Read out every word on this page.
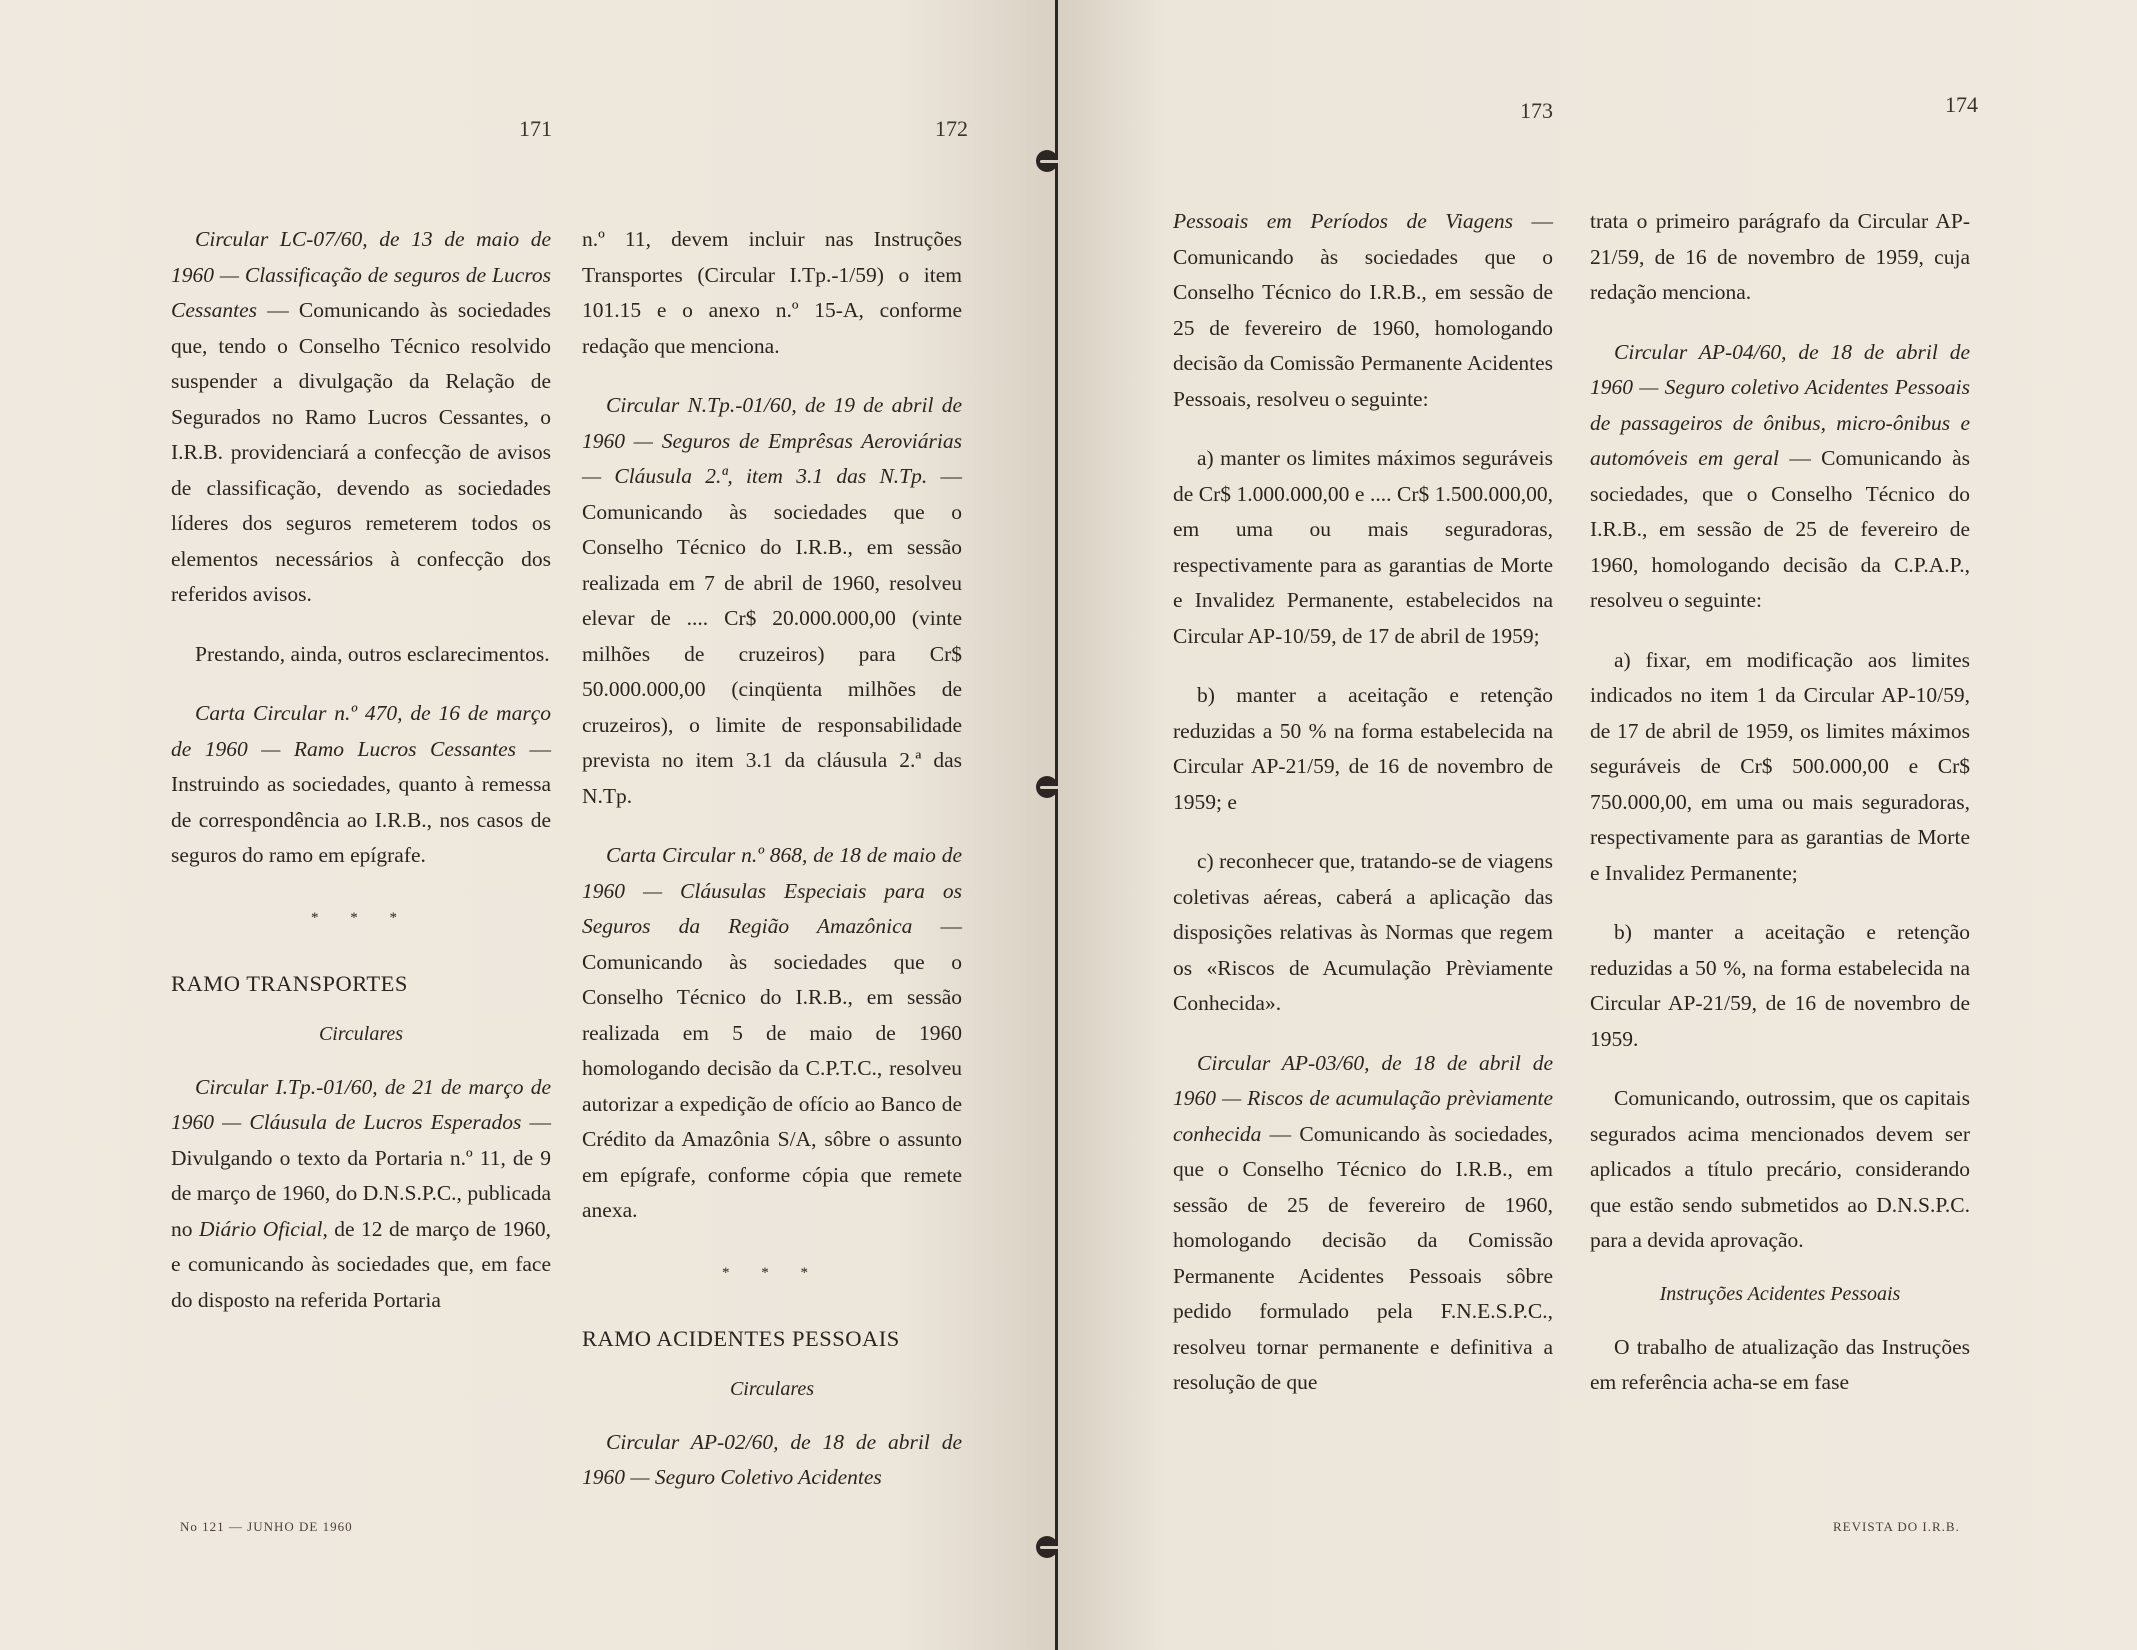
171	172

Circular LC-07/60, de 13 de maio de 1960 — Classificação de seguros de Lucros Cessantes — Comunicando às sociedades que, tendo o Conselho Técnico resolvido suspender a divulgação da Relação de Segurados no Ramo Lucros Cessantes, o I.R.B. providenciará a confecção de avisos de classificação, devendo as sociedades líderes dos seguros remeterem todos os elementos necessários à confecção dos referidos avisos.

Prestando, ainda, outros esclarecimentos.

Carta Circular n.º 470, de 16 de março de 1960 — Ramo Lucros Cessantes — Instruindo as sociedades, quanto à remessa de correspondência ao I.R.B., nos casos de seguros do ramo em epígrafe.

* * *
RAMO TRANSPORTES
Circulares

Circular I.Tp.-01/60, de 21 de março de 1960 — Cláusula de Lucros Esperados — Divulgando o texto da Portaria n.º 11, de 9 de março de 1960, do D.N.S.P.C., publicada no Diário Oficial, de 12 de março de 1960, e comunicando às sociedades que, em face do disposto na referida Portaria

n.º 11, devem incluir nas Instruções Transportes (Circular I.Tp.-1/59) o item 101.15 e o anexo n.º 15-A, conforme redação que menciona.

Circular N.Tp.-01/60, de 19 de abril de 1960 — Seguros de Emprêsas Aeroviárias — Cláusula 2.ª, item 3.1 das N.Tp. — Comunicando às sociedades que o Conselho Técnico do I.R.B., em sessão realizada em 7 de abril de 1960, resolveu elevar de .... Cr$ 20.000.000,00 (vinte milhões de cruzeiros) para Cr$ 50.000.000,00 (cinqüenta milhões de cruzeiros), o limite de responsabilidade prevista no item 3.1 da cláusula 2.ª das N.Tp.

Carta Circular n.º 868, de 18 de maio de 1960 — Cláusulas Especiais para os Seguros da Região Amazônica — Comunicando às sociedades que o Conselho Técnico do I.R.B., em sessão realizada em 5 de maio de 1960 homologando decisão da C.P.T.C., resolveu autorizar a expedição de ofício ao Banco de Crédito da Amazônia S/A, sôbre o assunto em epígrafe, conforme cópia que remete anexa.

* * *
RAMO ACIDENTES PESSOAIS
Circulares

Circular AP-02/60, de 18 de abril de 1960 — Seguro Coletivo Acidentes

No 121 — JUNHO DE 1960
173	174

Pessoais em Períodos de Viagens — Comunicando às sociedades que o Conselho Técnico do I.R.B., em sessão de 25 de fevereiro de 1960, homologando decisão da Comissão Permanente Acidentes Pessoais, resolveu o seguinte:

a) manter os limites máximos seguráveis de Cr$ 1.000.000,00 e .... Cr$ 1.500.000,00, em uma ou mais seguradoras, respectivamente para as garantias de Morte e Invalidez Permanente, estabelecidos na Circular AP-10/59, de 17 de abril de 1959;

b) manter a aceitação e retenção reduzidas a 50 % na forma estabelecida na Circular AP-21/59, de 16 de novembro de 1959; e

c) reconhecer que, tratando-se de viagens coletivas aéreas, caberá a aplicação das disposições relativas às Normas que regem os «Riscos de Acumulação Prèviamente Conhecida».

Circular AP-03/60, de 18 de abril de 1960 — Riscos de acumulação prèviamente conhecida — Comunicando às sociedades, que o Conselho Técnico do I.R.B., em sessão de 25 de fevereiro de 1960, homologando decisão da Comissão Permanente Acidentes Pessoais sôbre pedido formulado pela F.N.E.S.P.C., resolveu tornar permanente e definitiva a resolução de que

trata o primeiro parágrafo da Circular AP-21/59, de 16 de novembro de 1959, cuja redação menciona.

Circular AP-04/60, de 18 de abril de 1960 — Seguro coletivo Acidentes Pessoais de passageiros de ônibus, micro-ônibus e automóveis em geral — Comunicando às sociedades, que o Conselho Técnico do I.R.B., em sessão de 25 de fevereiro de 1960, homologando decisão da C.P.A.P., resolveu o seguinte:

a) fixar, em modificação aos limites indicados no item 1 da Circular AP-10/59, de 17 de abril de 1959, os limites máximos seguráveis de Cr$ 500.000,00 e Cr$ 750.000,00, em uma ou mais seguradoras, respectivamente para as garantias de Morte e Invalidez Permanente;

b) manter a aceitação e retenção reduzidas a 50 %, na forma estabelecida na Circular AP-21/59, de 16 de novembro de 1959.

Comunicando, outrossim, que os capitais segurados acima mencionados devem ser aplicados a título precário, considerando que estão sendo submetidos ao D.N.S.P.C. para a devida aprovação.

Instruções Acidentes Pessoais

O trabalho de atualização das Instruções em referência acha-se em fase

REVISTA DO I.R.B.
